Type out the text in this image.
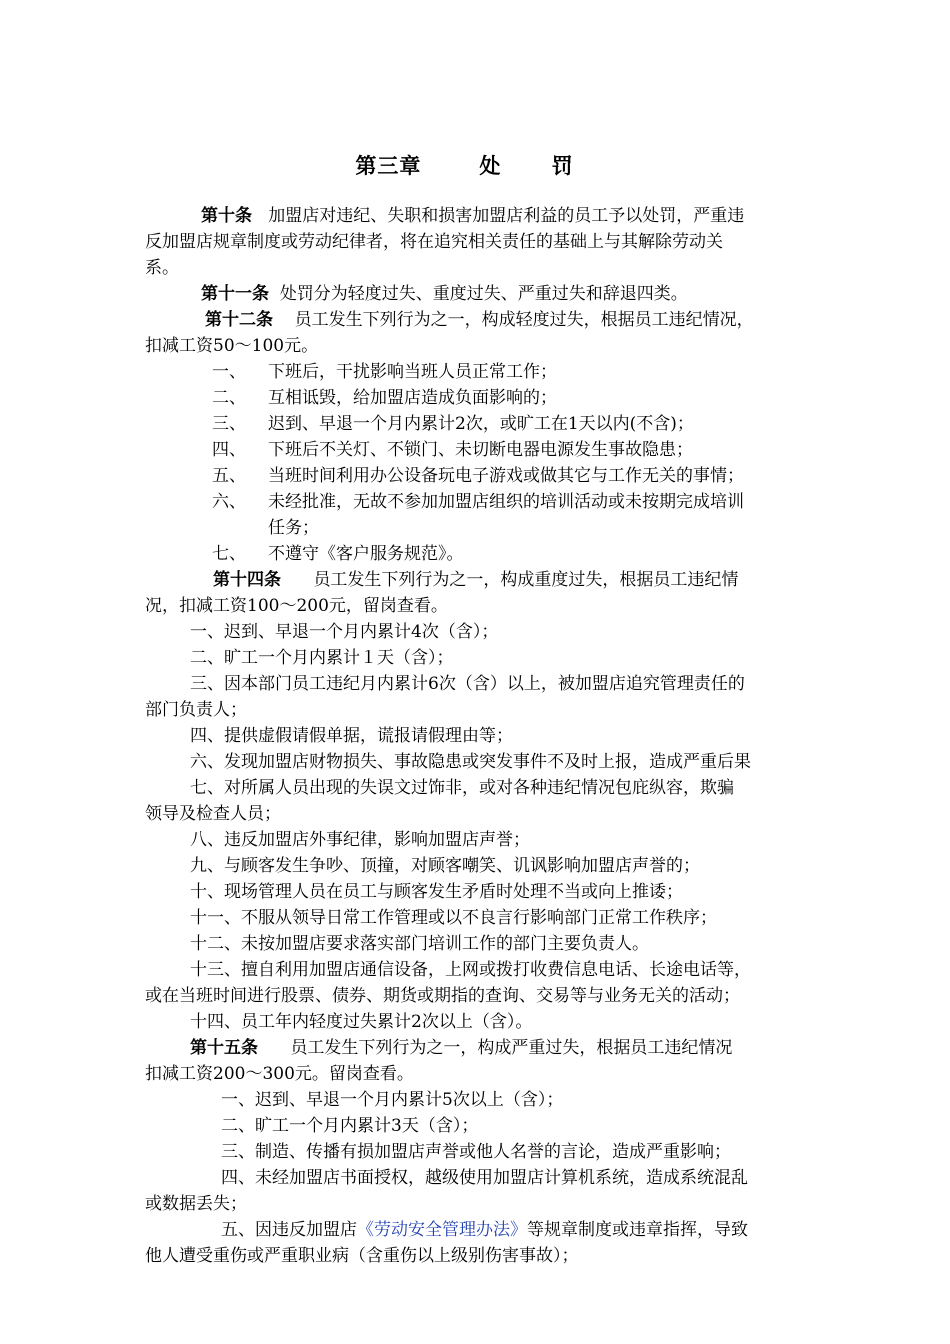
第三章	处 罚
第十条 加盟店对违纪、失职和损害加盟店利益的员工予以处罚，严重违
反加盟店规章制度或劳动纪律者，将在追究相关责任的基础上与其解除劳动关
系。
第十一条 处罚分为轻度过失、重度过失、严重过失和辞退四类。
第十二条 员工发生下列行为之一，构成轻度过失，根据员工违纪情况，
扣减工资50～100元。
一、 下班后，干扰影响当班人员正常工作；
二、 互相诋毁，给加盟店造成负面影响的；
三、 迟到、早退一个月内累计2次，或旷工在1天以内(不含)；
四、 下班后不关灯、不锁门、未切断电器电源发生事故隐患；
五、 当班时间利用办公设备玩电子游戏或做其它与工作无关的事情；
六、 未经批准，无故不参加加盟店组织的培训活动或未按期完成培训
任务；
七、 不遵守《客户服务规范》。
第十四条 员工发生下列行为之一，构成重度过失，根据员工违纪情
况，扣减工资100～200元，留岗查看。
一、迟到、早退一个月内累计4次（含）；
二、旷工一个月内累计１天（含）；
三、因本部门员工违纪月内累计6次（含）以上，被加盟店追究管理责任的
部门负责人；
四、提供虚假请假单据，谎报请假理由等；
六、发现加盟店财物损失、事故隐患或突发事件不及时上报，造成严重后果
七、对所属人员出现的失误文过饰非，或对各种违纪情况包庇纵容，欺骗
领导及检查人员；
八、违反加盟店外事纪律，影响加盟店声誉；
九、与顾客发生争吵、顶撞，对顾客嘲笑、讥讽影响加盟店声誉的；
十、现场管理人员在员工与顾客发生矛盾时处理不当或向上推诿；
十一、不服从领导日常工作管理或以不良言行影响部门正常工作秩序；
十二、未按加盟店要求落实部门培训工作的部门主要负责人。
十三、擅自利用加盟店通信设备，上网或拨打收费信息电话、长途电话等，
或在当班时间进行股票、债券、期货或期指的查询、交易等与业务无关的活动；
十四、员工年内轻度过失累计2次以上（含）。
第十五条 员工发生下列行为之一，构成严重过失，根据员工违纪情况
扣减工资200～300元。留岗查看。
一、迟到、早退一个月内累计5次以上（含）；
二、旷工一个月内累计3天（含）；
三、制造、传播有损加盟店声誉或他人名誉的言论，造成严重影响；
四、未经加盟店书面授权，越级使用加盟店计算机系统，造成系统混乱
或数据丢失；
五、因违反加盟店《劳动安全管理办法》等规章制度或违章指挥，导致
他人遭受重伤或严重职业病（含重伤以上级别伤害事故）；
